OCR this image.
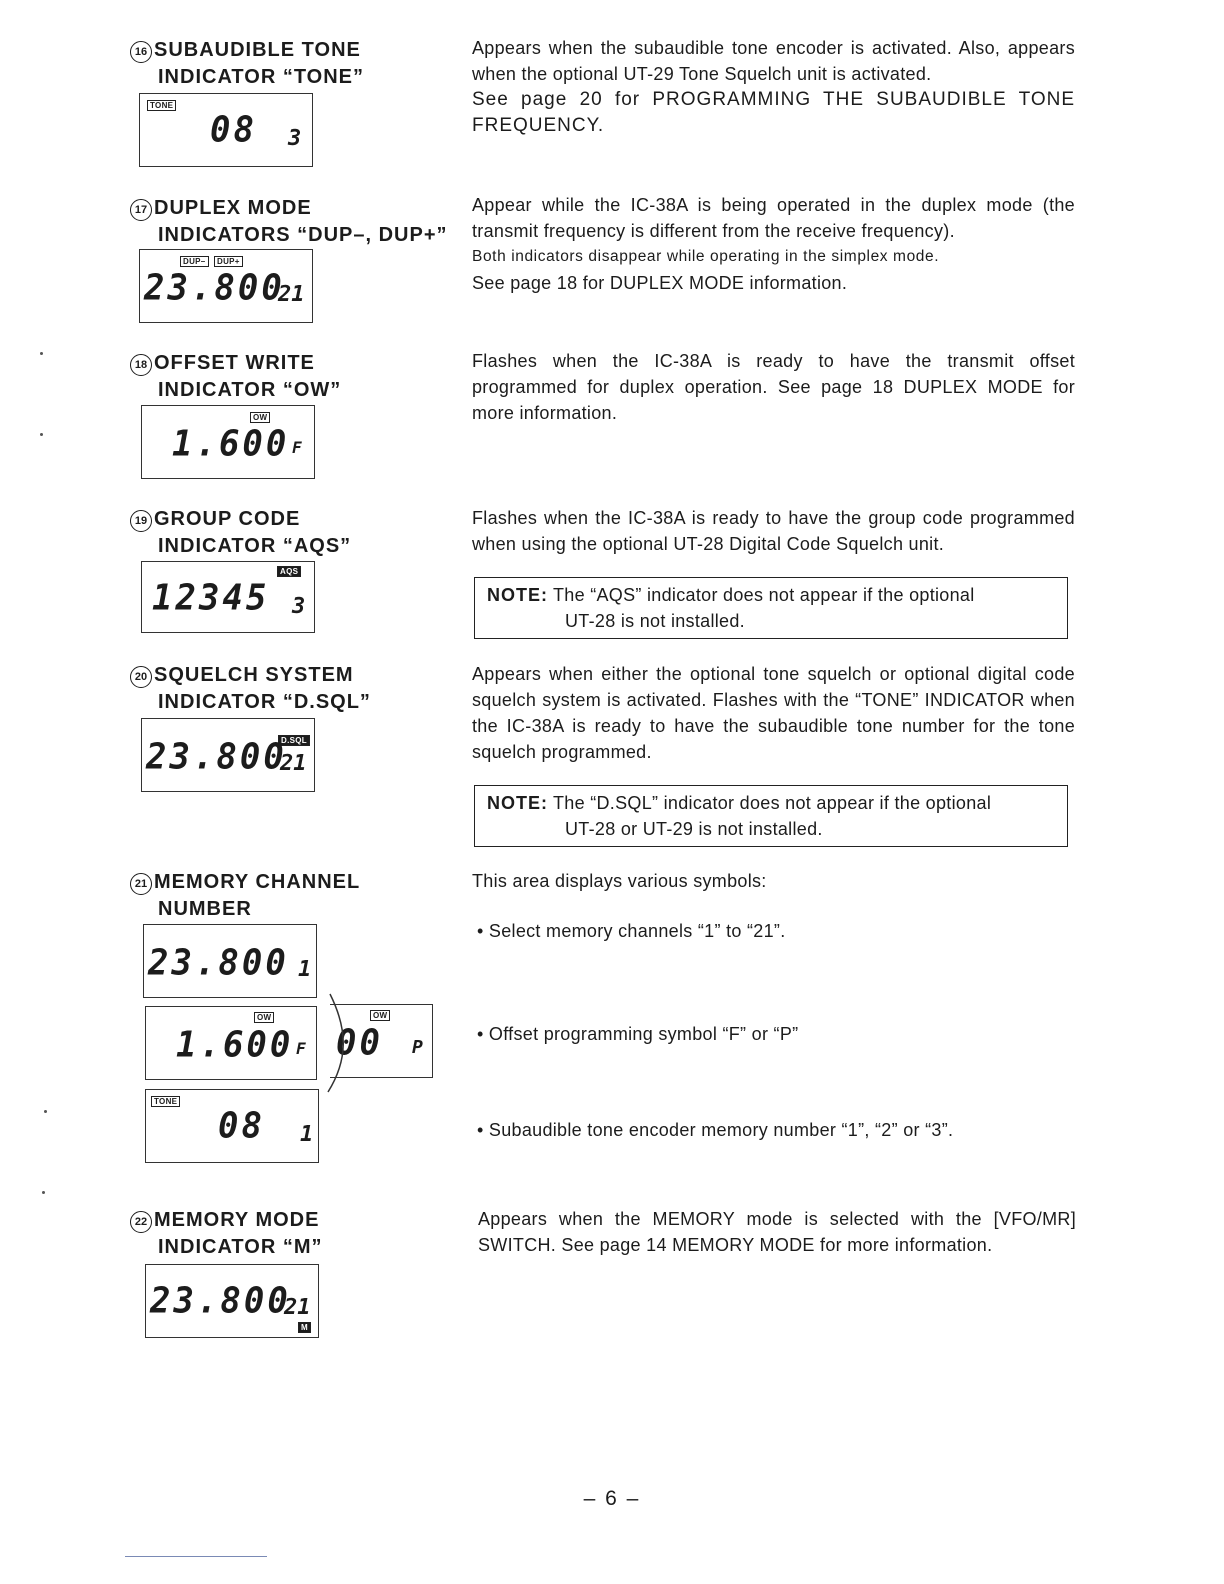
16 SUBAUDIBLE TONE
INDICATOR “TONE”
TONE
08 3

Appears when the subaudible tone encoder is activated. Also, appears when the optional UT-29 Tone Squelch unit is activated.

See page 20 for PROGRAMMING THE SUBAUDIBLE TONE FREQUENCY.

17 DUPLEX MODE
INDICATORS “DUP–, DUP+”
DUP–	DUP+
23.800
21

Appear while the IC-38A is being operated in the duplex mode (the transmit frequency is different from the receive frequency).

Both indicators disappear while operating in the simplex mode.

See page 18 for DUPLEX MODE information.

18 OFFSET WRITE
INDICATOR “OW”
OW
1.600 F

Flashes when the IC-38A is ready to have the transmit offset programmed for duplex operation. See page 18 DUPLEX MODE for more information.

19 GROUP CODE
INDICATOR “AQS”
AQS
12345 3

Flashes when the IC-38A is ready to have the group code programmed when using the optional UT-28 Digital Code Squelch unit.

NOTE: The “AQS” indicator does not appear if the optional
UT-28 is not installed.
20 SQUELCH SYSTEM
INDICATOR “D.SQL”
D.SQL
23.800
21

Appears when either the optional tone squelch or optional digital code squelch system is activated. Flashes with the “TONE” INDICATOR when the IC-38A is ready to have the subaudible tone number for the tone squelch programmed.

NOTE: The “D.SQL” indicator does not appear if the optional
UT-28 or UT-29 is not installed.
21 MEMORY CHANNEL
NUMBER
23.800 1
OW
1.600 F
OW
00 P
TONE
08 1

This area displays various symbols:

• Select memory channels “1” to “21”.
• Offset programming symbol “F” or “P”
• Subaudible tone encoder memory number “1”, “2” or “3”.
22 MEMORY MODE
INDICATOR “M”
23.800
21
M

Appears when the MEMORY mode is selected with the [VFO/MR] SWITCH. See page 14 MEMORY MODE for more information.

– 6 –
